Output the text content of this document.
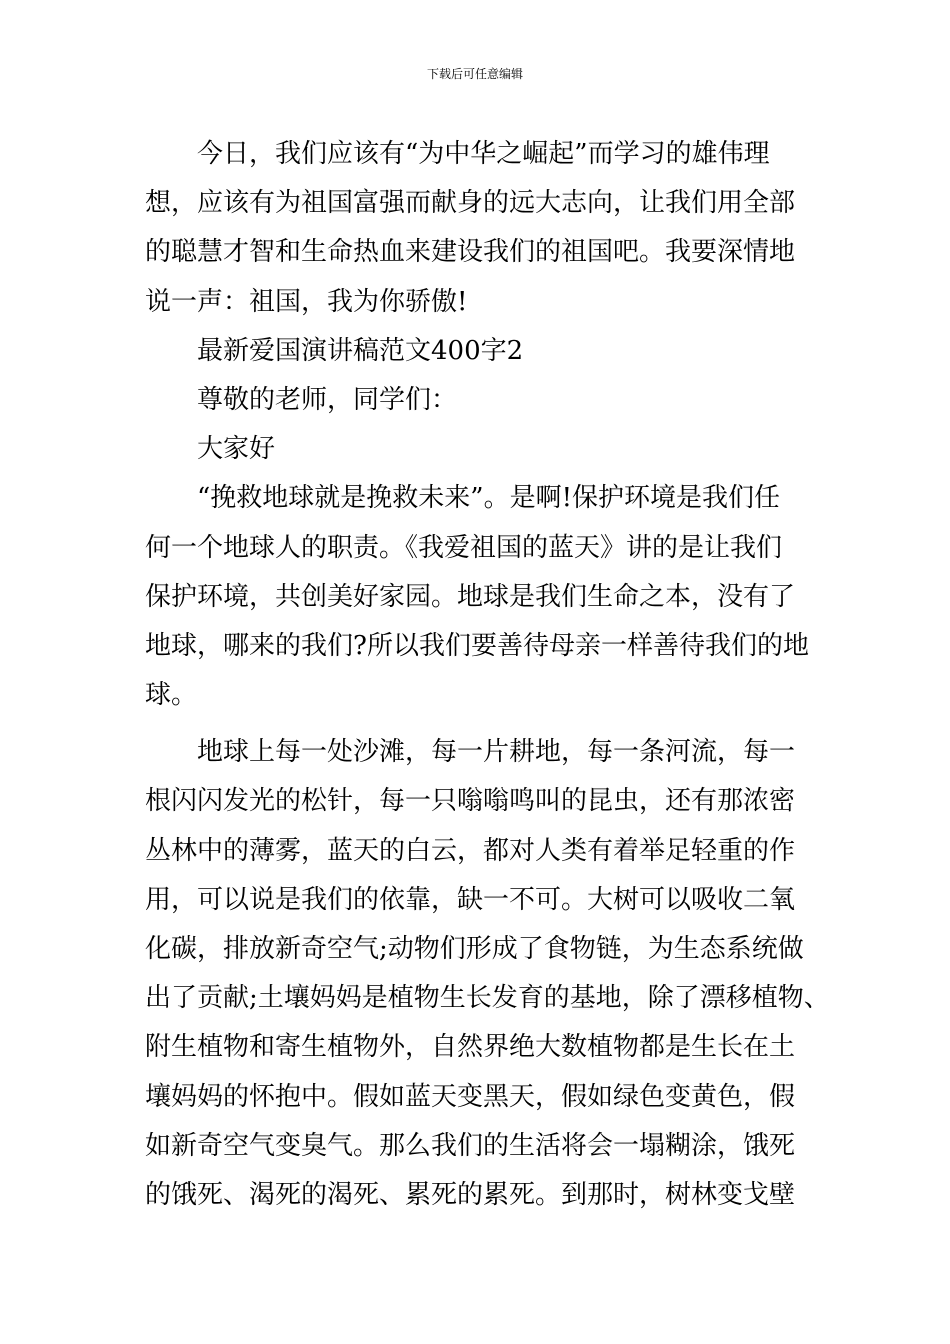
下载后可任意编辑

今日，我们应该有“为中华之崛起”而学习的雄伟理

想，应该有为祖国富强而献身的远大志向，让我们用全部

的聪慧才智和生命热血来建设我们的祖国吧。我要深情地

说一声：祖国，我为你骄傲!

最新爱国演讲稿范文400字2

尊敬的老师，同学们：

大家好

“挽救地球就是挽救未来”。是啊!保护环境是我们任

何一个地球人的职责。《我爱祖国的蓝天》讲的是让我们

保护环境，共创美好家园。地球是我们生命之本，没有了

地球，哪来的我们?所以我们要善待母亲一样善待我们的地

球。

地球上每一处沙滩，每一片耕地，每一条河流，每一

根闪闪发光的松针，每一只嗡嗡鸣叫的昆虫，还有那浓密

丛林中的薄雾，蓝天的白云，都对人类有着举足轻重的作

用，可以说是我们的依靠，缺一不可。大树可以吸收二氧

化碳，排放新奇空气;动物们形成了食物链，为生态系统做

出了贡献;土壤妈妈是植物生长发育的基地，除了漂移植物、

附生植物和寄生植物外，自然界绝大数植物都是生长在土

壤妈妈的怀抱中。假如蓝天变黑天，假如绿色变黄色，假

如新奇空气变臭气。那么我们的生活将会一塌糊涂，饿死

的饿死、渴死的渴死、累死的累死。到那时，树林变戈壁
